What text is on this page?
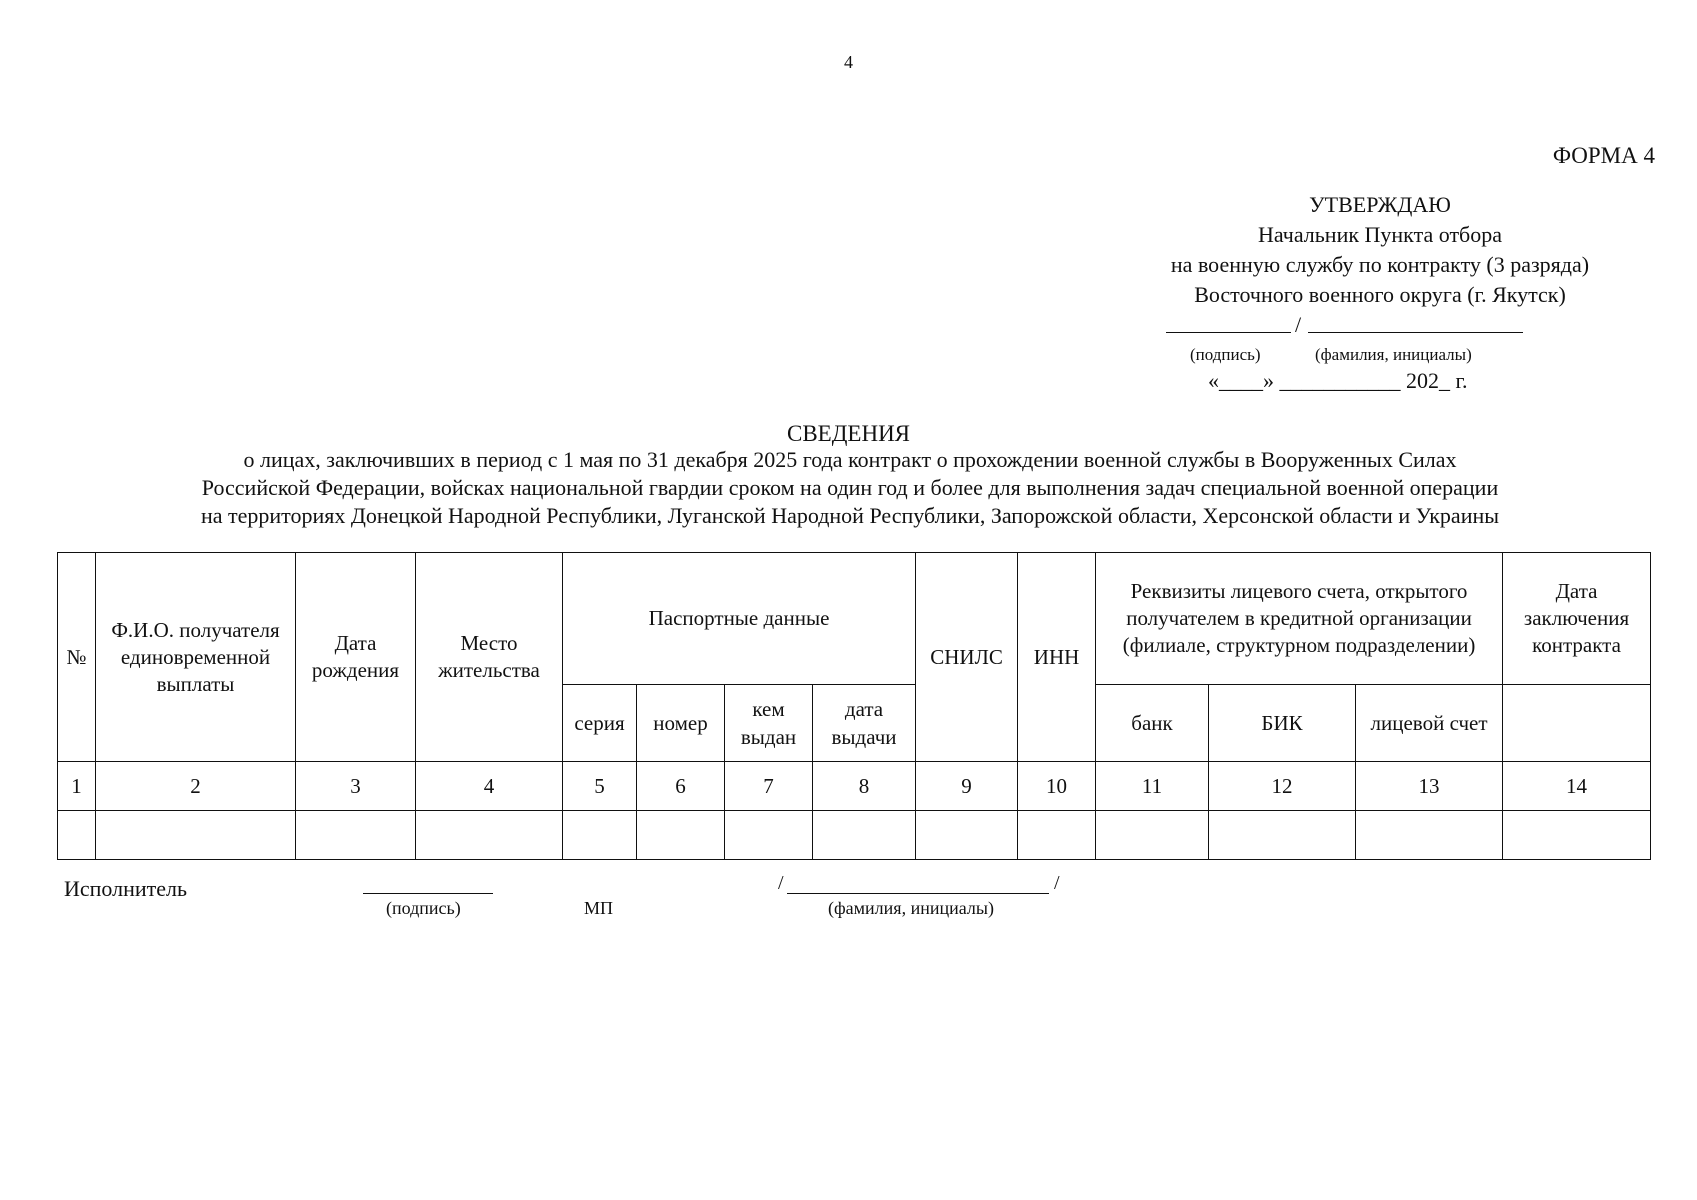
4
ФОРМА 4
УТВЕРЖДАЮ
Начальник Пункта отбора
на военную службу по контракту (3 разряда)
Восточного военного округа (г. Якутск)
/
(подпись)	(фамилия, инициалы)
«____» ___________ 202_ г.
СВЕДЕНИЯ
о лицах, заключивших в период с 1 мая по 31 декабря 2025 года контракт о прохождении военной службы в Вооруженных Силах
Российской Федерации, войсках национальной гвардии сроком на один год и более для выполнения задач специальной военной операции
на территориях Донецкой Народной Республики, Луганской Народной Республики, Запорожской области, Херсонской области и Украины
№	Ф.И.О. получателя единовременной выплаты	Дата рождения	Место жительства	Паспортные данные				СНИЛС	ИНН	Реквизиты лицевого счета, открытого получателем в кредитной организации (филиале, структурном подразделении)			Дата заключения контракта
				серия	номер	кем выдан	дата выдачи			банк	БИК	лицевой счет	
1	2	3	4	5	6	7	8	9	10	11	12	13	14

Исполнитель
(подпись)	МП
/	/
(фамилия, инициалы)
